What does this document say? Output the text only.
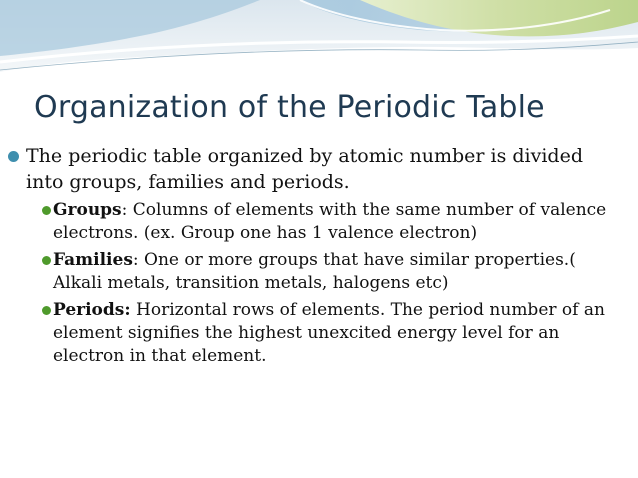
Organization of the Periodic Table
The periodic table organized by atomic number is divided into groups, families and periods.
Groups: Columns of elements with the same number of valence electrons. (ex. Group one has 1 valence electron)
Families: One or more groups that have similar properties.( Alkali metals, transition metals, halogens etc)
Periods: Horizontal rows of elements. The period number of an element signifies the highest unexcited energy level for an electron in that element.
